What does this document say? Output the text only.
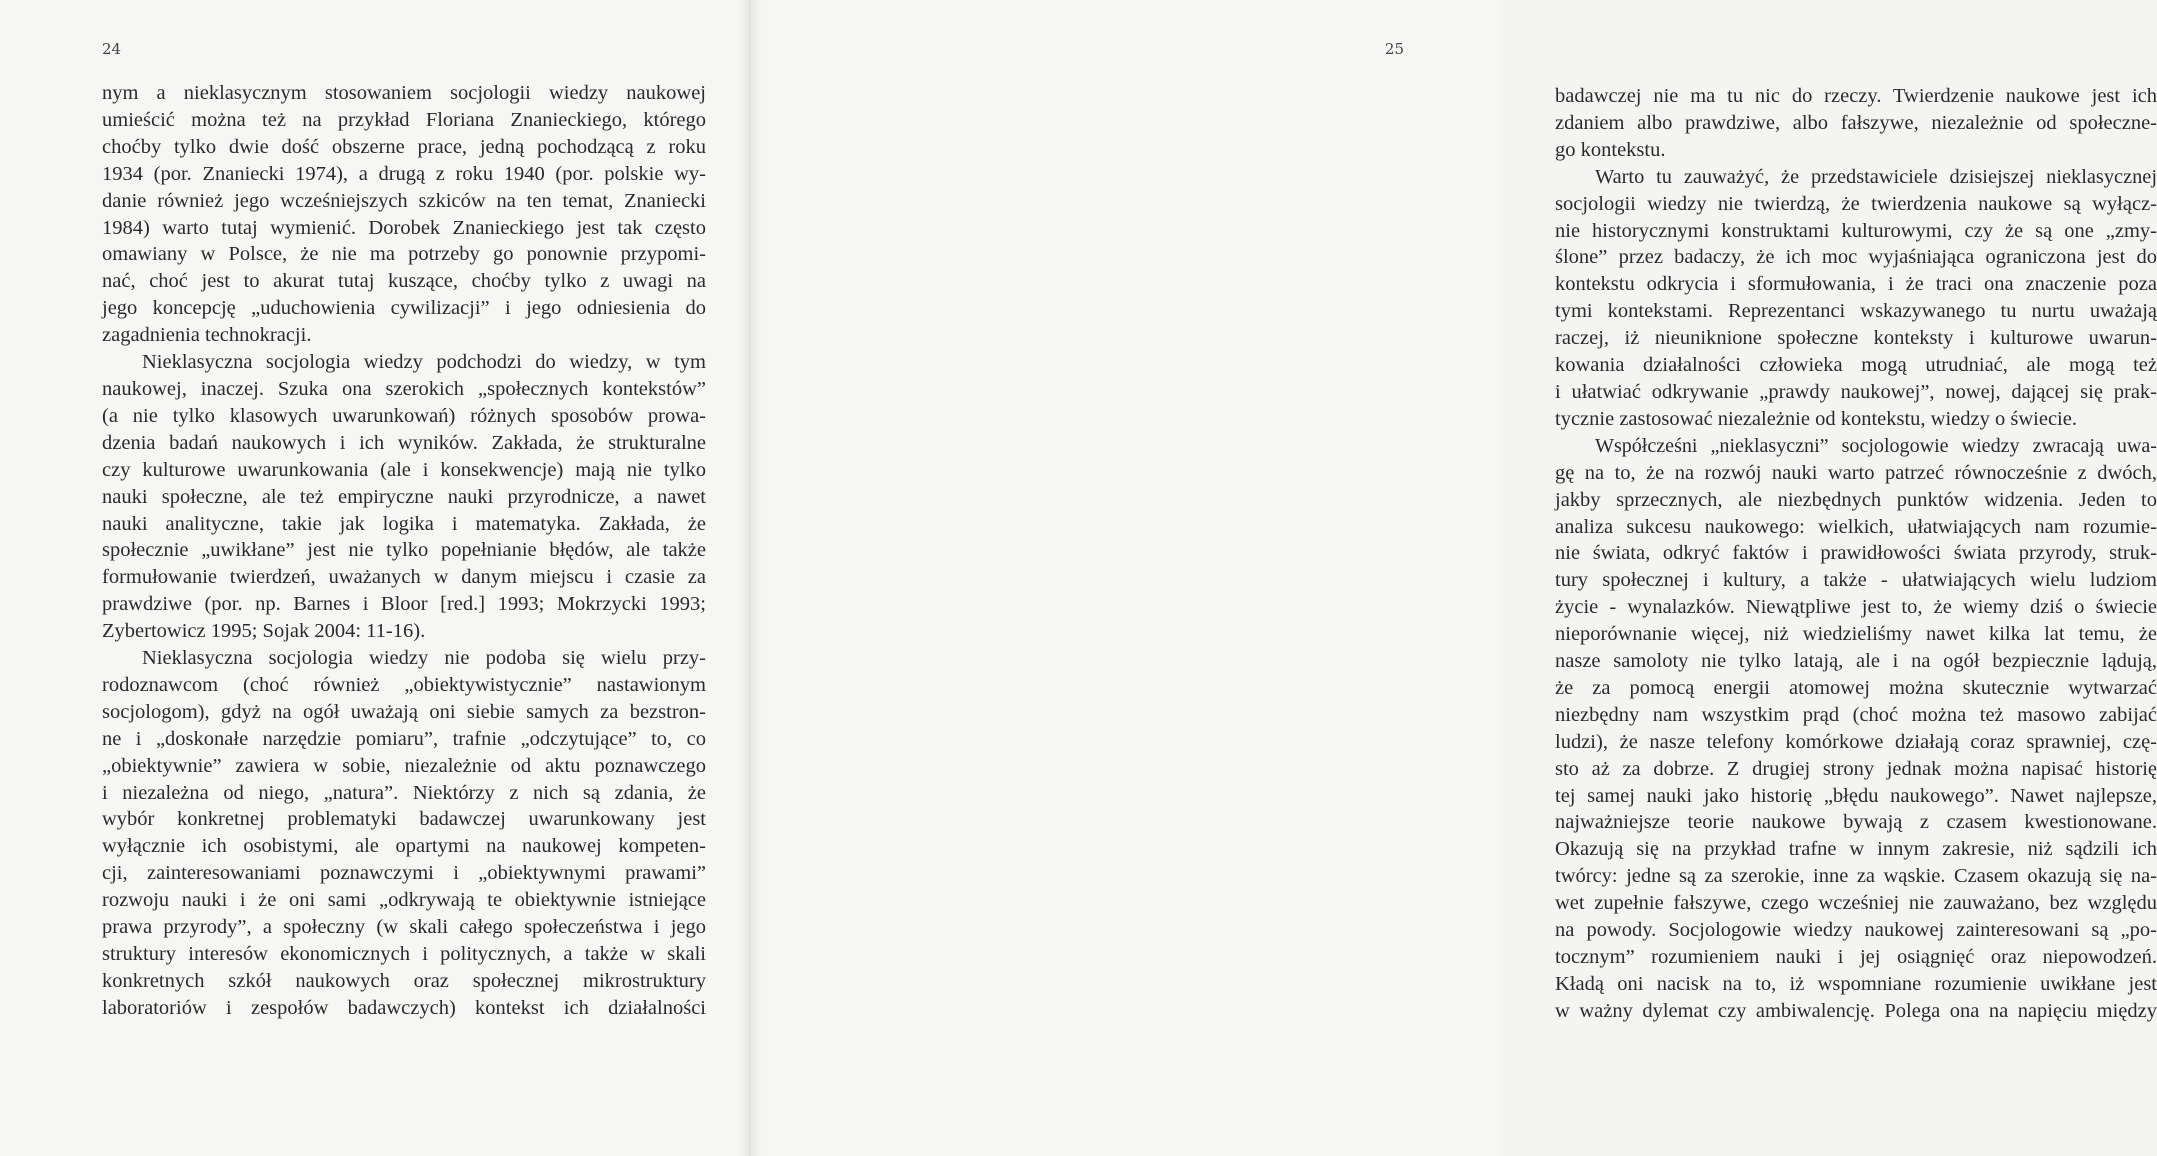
24
nym a nieklasycznym stosowaniem socjologii wiedzy naukowej
umieścić można też na przykład Floriana Znanieckiego, którego
choćby tylko dwie dość obszerne prace, jedną pochodzącą z roku
1934 (por. Znaniecki 1974), a drugą z roku 1940 (por. polskie wy-
danie również jego wcześniejszych szkiców na ten temat, Znaniecki
1984) warto tutaj wymienić. Dorobek Znanieckiego jest tak często
omawiany w Polsce, że nie ma potrzeby go ponownie przypomi-
nać, choć jest to akurat tutaj kuszące, choćby tylko z uwagi na
jego koncepcję „uduchowienia cywilizacji” i jego odniesienia do
zagadnienia technokracji.
Nieklasyczna socjologia wiedzy podchodzi do wiedzy, w tym
naukowej, inaczej. Szuka ona szerokich „społecznych kontekstów”
(a nie tylko klasowych uwarunkowań) różnych sposobów prowa-
dzenia badań naukowych i ich wyników. Zakłada, że strukturalne
czy kulturowe uwarunkowania (ale i konsekwencje) mają nie tylko
nauki społeczne, ale też empiryczne nauki przyrodnicze, a nawet
nauki analityczne, takie jak logika i matematyka. Zakłada, że
społecznie „uwikłane” jest nie tylko popełnianie błędów, ale także
formułowanie twierdzeń, uważanych w danym miejscu i czasie za
prawdziwe (por. np. Barnes i Bloor [red.] 1993; Mokrzycki 1993;
Zybertowicz 1995; Sojak 2004: 11-16).
Nieklasyczna socjologia wiedzy nie podoba się wielu przy-
rodoznawcom (choć również „obiektywistycznie” nastawionym
socjologom), gdyż na ogół uważają oni siebie samych za bezstron-
ne i „doskonałe narzędzie pomiaru”, trafnie „odczytujące” to, co
„obiektywnie” zawiera w sobie, niezależnie od aktu poznawczego
i niezależna od niego, „natura”. Niektórzy z nich są zdania, że
wybór konkretnej problematyki badawczej uwarunkowany jest
wyłącznie ich osobistymi, ale opartymi na naukowej kompeten-
cji, zainteresowaniami poznawczymi i „obiektywnymi prawami”
rozwoju nauki i że oni sami „odkrywają te obiektywnie istniejące
prawa przyrody”, a społeczny (w skali całego społeczeństwa i jego
struktury interesów ekonomicznych i politycznych, a także w skali
konkretnych szkół naukowych oraz społecznej mikrostruktury
laboratoriów i zespołów badawczych) kontekst ich działalności
25
badawczej nie ma tu nic do rzeczy. Twierdzenie naukowe jest ich
zdaniem albo prawdziwe, albo fałszywe, niezależnie od społeczne-
go kontekstu.
Warto tu zauważyć, że przedstawiciele dzisiejszej nieklasycznej
socjologii wiedzy nie twierdzą, że twierdzenia naukowe są wyłącz-
nie historycznymi konstruktami kulturowymi, czy że są one „zmy-
ślone” przez badaczy, że ich moc wyjaśniająca ograniczona jest do
kontekstu odkrycia i sformułowania, i że traci ona znaczenie poza
tymi kontekstami. Reprezentanci wskazywanego tu nurtu uważają
raczej, iż nieuniknione społeczne konteksty i kulturowe uwarun-
kowania działalności człowieka mogą utrudniać, ale mogą też
i ułatwiać odkrywanie „prawdy naukowej”, nowej, dającej się prak-
tycznie zastosować niezależnie od kontekstu, wiedzy o świecie.
Współcześni „nieklasyczni” socjologowie wiedzy zwracają uwa-
gę na to, że na rozwój nauki warto patrzeć równocześnie z dwóch,
jakby sprzecznych, ale niezbędnych punktów widzenia. Jeden to
analiza sukcesu naukowego: wielkich, ułatwiających nam rozumie-
nie świata, odkryć faktów i prawidłowości świata przyrody, struk-
tury społecznej i kultury, a także - ułatwiających wielu ludziom
życie - wynalazków. Niewątpliwe jest to, że wiemy dziś o świecie
nieporównanie więcej, niż wiedzieliśmy nawet kilka lat temu, że
nasze samoloty nie tylko latają, ale i na ogół bezpiecznie lądują,
że za pomocą energii atomowej można skutecznie wytwarzać
niezbędny nam wszystkim prąd (choć można też masowo zabijać
ludzi), że nasze telefony komórkowe działają coraz sprawniej, czę-
sto aż za dobrze. Z drugiej strony jednak można napisać historię
tej samej nauki jako historię „błędu naukowego”. Nawet najlepsze,
najważniejsze teorie naukowe bywają z czasem kwestionowane.
Okazują się na przykład trafne w innym zakresie, niż sądzili ich
twórcy: jedne są za szerokie, inne za wąskie. Czasem okazują się na-
wet zupełnie fałszywe, czego wcześniej nie zauważano, bez względu
na powody. Socjologowie wiedzy naukowej zainteresowani są „po-
tocznym” rozumieniem nauki i jej osiągnięć oraz niepowodzeń.
Kładą oni nacisk na to, iż wspomniane rozumienie uwikłane jest
w ważny dylemat czy ambiwalencję. Polega ona na napięciu między
